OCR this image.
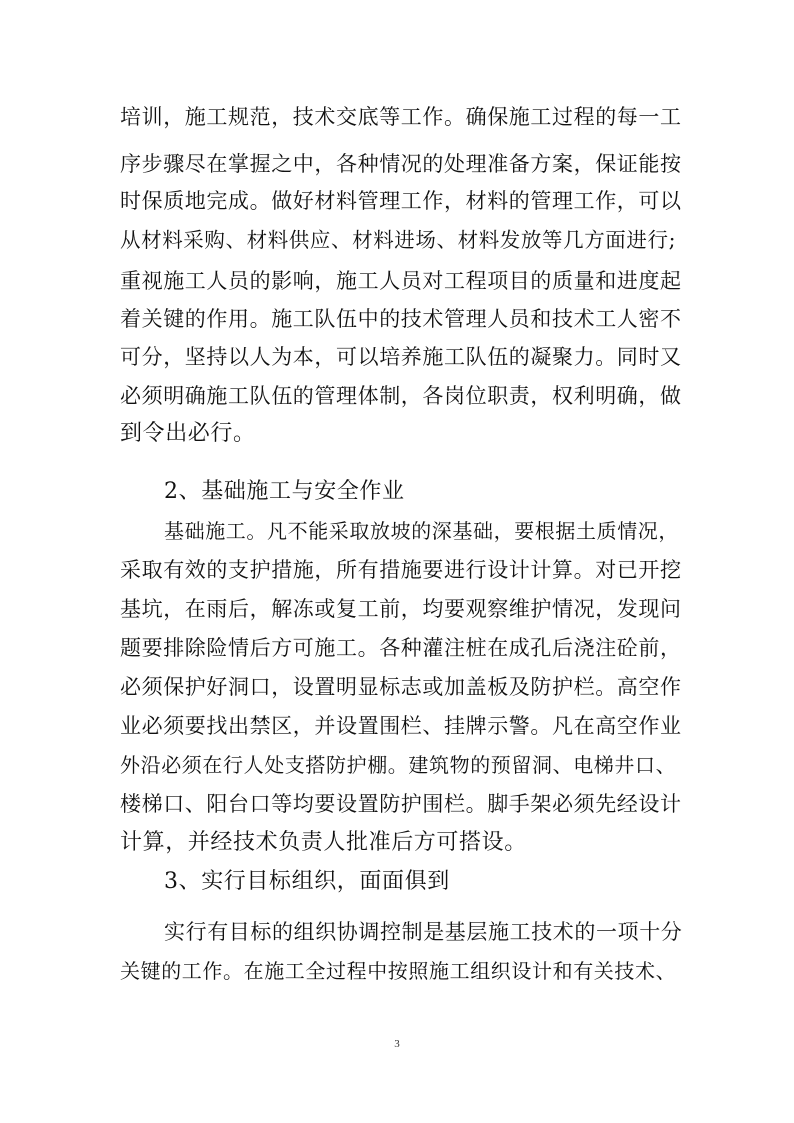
培训，施工规范，技术交底等工作。确保施工过程的每一工
序步骤尽在掌握之中，各种情况的处理准备方案，保证能按
时保质地完成。做好材料管理工作，材料的管理工作，可以
从材料采购、材料供应、材料进场、材料发放等几方面进行;
重视施工人员的影响，施工人员对工程项目的质量和进度起
着关键的作用。施工队伍中的技术管理人员和技术工人密不
可分，坚持以人为本，可以培养施工队伍的凝聚力。同时又
必须明确施工队伍的管理体制，各岗位职责，权利明确，做
到令出必行。
2、基础施工与安全作业
基础施工。凡不能采取放坡的深基础，要根据土质情况，
采取有效的支护措施，所有措施要进行设计计算。对已开挖
基坑，在雨后，解冻或复工前，均要观察维护情况，发现问
题要排除险情后方可施工。各种灌注桩在成孔后浇注砼前，
必须保护好洞口，设置明显标志或加盖板及防护栏。高空作
业必须要找出禁区，并设置围栏、挂牌示警。凡在高空作业
外沿必须在行人处支搭防护棚。建筑物的预留洞、电梯井口、
楼梯口、阳台口等均要设置防护围栏。脚手架必须先经设计
计算，并经技术负责人批准后方可搭设。
3、实行目标组织，面面俱到
实行有目标的组织协调控制是基层施工技术的一项十分
关键的工作。在施工全过程中按照施工组织设计和有关技术、
3
